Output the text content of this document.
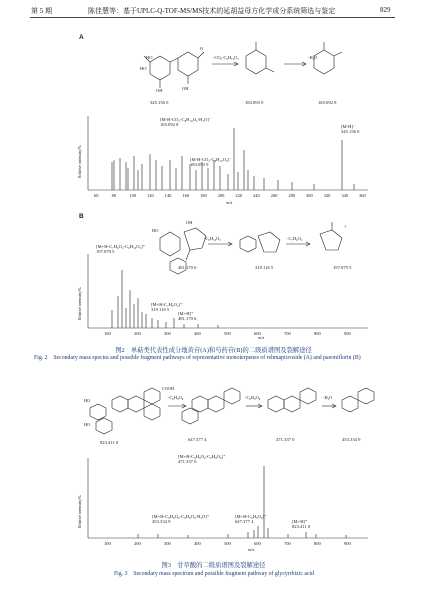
第 5 期	陈佳慧等：基于UPLC-Q-TOF-MS/MS技术的延胡益母方化学成分系统筛选与鉴定	829
A
HO
HO
OH	OH
O
-CO₂-C₆H₁₀O₅	-H₂O
345.156 0	183.093 9	165.092 8
60	80	100 120 140 160 180 200 220 240 260 280 300 320 340 360
Relative intensity/%
m/z
[M-H-CO₂-C₆H₁₀O₅-H₂O]⁻
165.092 8
[M-H-CO₂-C₆H₁₀O₅]⁻
183.093 9
[M-H]⁻
345.156 0
B
+
HO
OH
-C₆H₁₀O₅	-C₇H₆O₂
481.170 6	319.116 5	197.079 5
100	200	300	400	500	600	700	800	900
Relative intensity/%
m/z
[M+H-C₇H₆O₂-C₆H₁₀O₅]⁺
197.079 5
[M+H-C₇H₆O₂]⁺
319.116 5
[M+H]⁺
481.170 6
图2　单萜类代表性成分地黄苷(A)和芍药苷(B)的二级质谱图及裂解途径
Fig. 2　Secondary mass spectra and possible fragment pathways of representative monoterpenes of rehmapicroside (A) and paeoniflorin (B)
HO
HO
COOH
-C₆H₈O₆	-C₆H₈O₆	-H₂O
823.411 0
647.377 4	471.337 0	453.334 9
100	200	300	400	500	600	700	800	900
Relative intensity/%
m/z
[M+H-C₆H₈O₆-C₆H₈O₆]⁺
471.337 0
[M+H-C₆H₈O₆-C₆H₈O₆-H₂O]⁺
453.334 9
[M+H-C₆H₈O₆]⁺
647.377 4	[M+H]⁺
823.411 0
图3　甘草酸的二级质谱图及裂解途径
Fig. 3　Secondary mass spectrum and possible fragment pathway of glycyrrhizic acid
